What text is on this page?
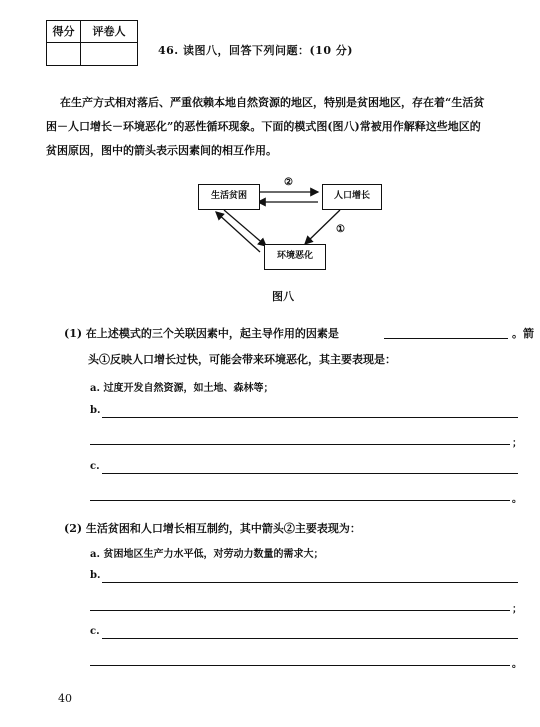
得分	评卷人
46. 读图八，回答下列问题：(10 分)
在生产方式相对落后、严重依赖本地自然资源的地区，特别是贫困地区，存在着“生活贫
困－人口增长－环境恶化”的恶性循环现象。下面的模式图(图八)常被用作解释这些地区的
贫困原因，图中的箭头表示因素间的相互作用。
生活贫困	人口增长
环境恶化
②
①
图八
(1) 在上述模式的三个关联因素中，起主导作用的因素是	。箭
头①反映人口增长过快，可能会带来环境恶化，其主要表现是：
a. 过度开发自然资源，如土地、森林等；
b.
；
c.
。
(2) 生活贫困和人口增长相互制约，其中箭头②主要表现为：
a. 贫困地区生产力水平低，对劳动力数量的需求大；
b.
；
c.
。
40
